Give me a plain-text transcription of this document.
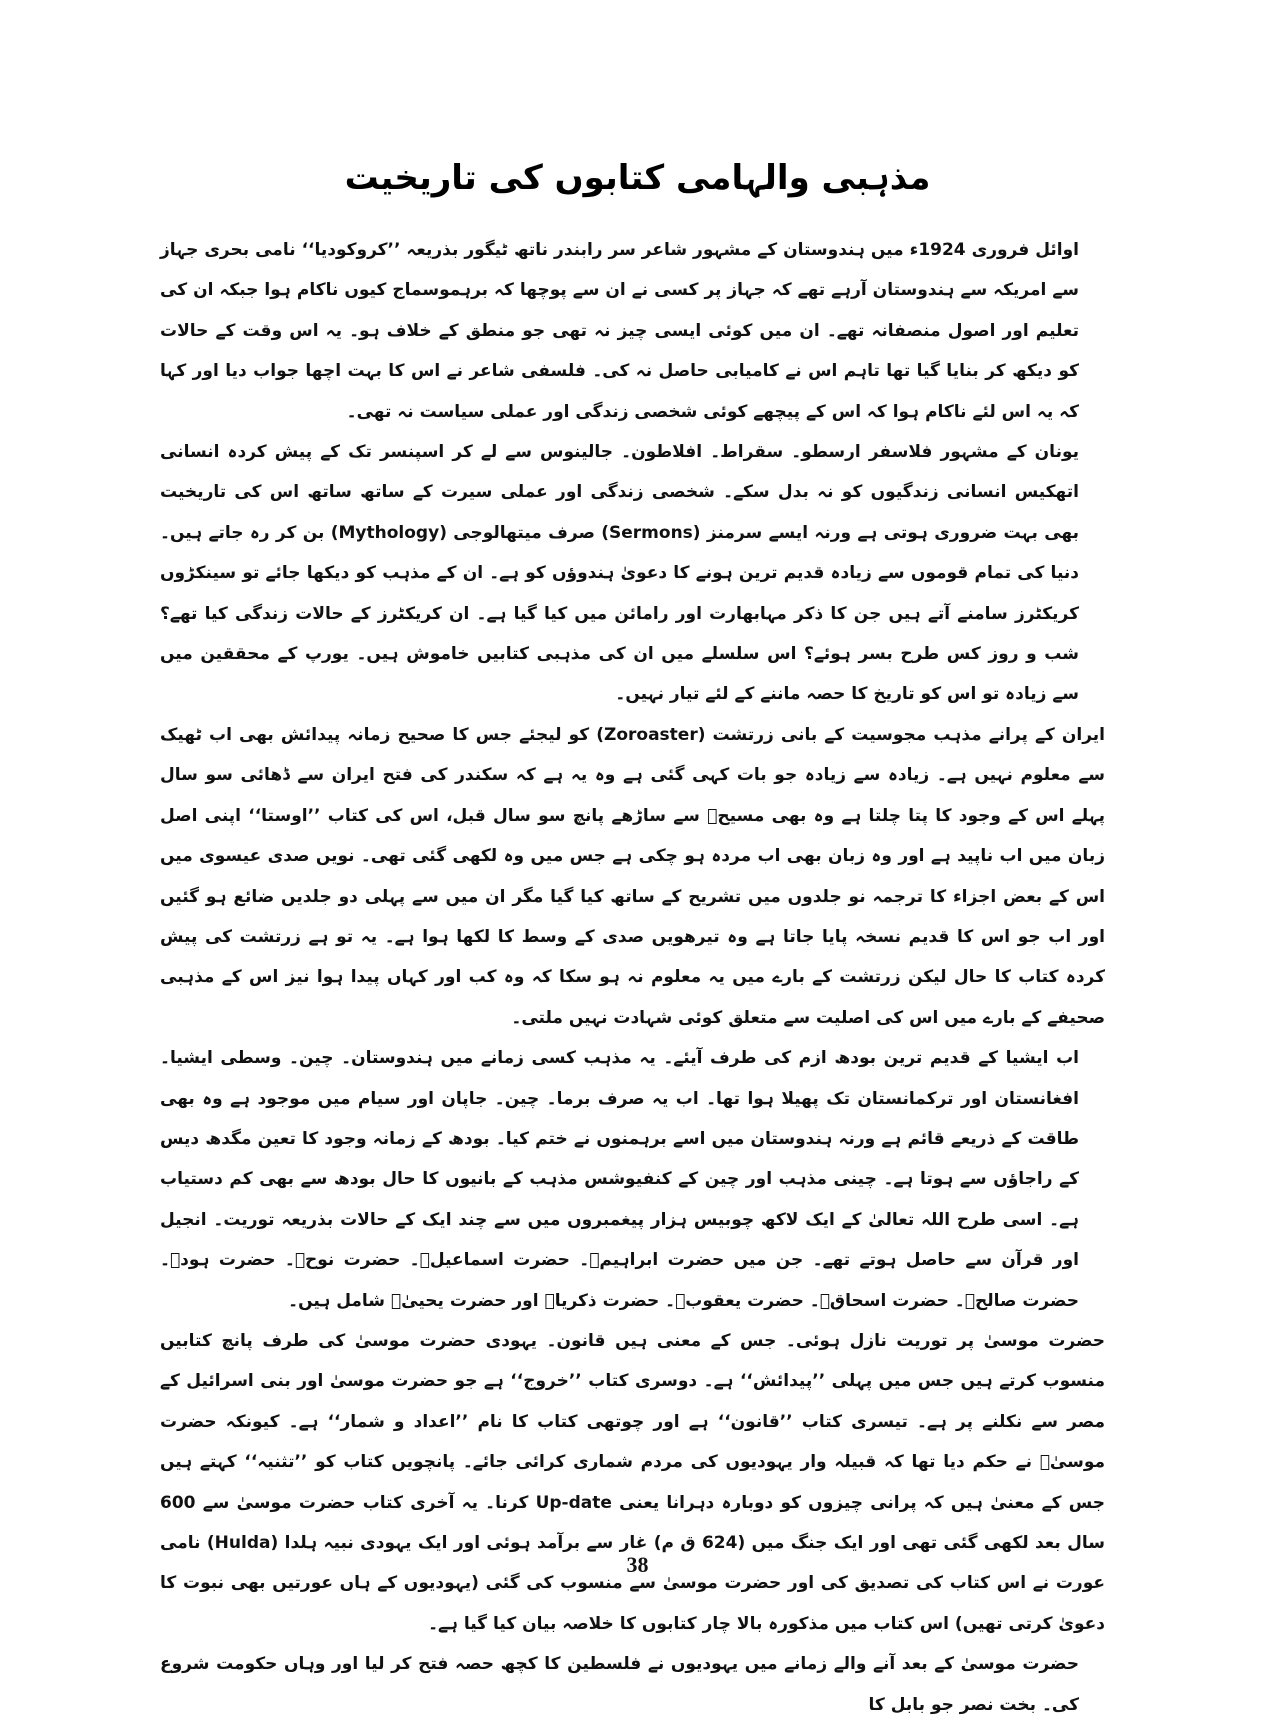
مذہبی والہامی کتابوں کی تاریخیت

اوائل فروری 1924ء میں ہندوستان کے مشہور شاعر سر رابندر ناتھ ٹیگور بذریعہ ’’کروکودیا‘‘ نامی بحری جہاز سے امریکہ سے ہندوستان آرہے تھے کہ جہاز پر کسی نے ان سے پوچھا کہ برہموسماج کیوں ناکام ہوا جبکہ ان کی تعلیم اور اصول منصفانہ تھے۔ ان میں کوئی ایسی چیز نہ تھی جو منطق کے خلاف ہو۔ یہ اس وقت کے حالات کو دیکھ کر بنایا گیا تھا تاہم اس نے کامیابی حاصل نہ کی۔ فلسفی شاعر نے اس کا بہت اچھا جواب دیا اور کہا کہ یہ اس لئے ناکام ہوا کہ اس کے پیچھے کوئی شخصی زندگی اور عملی سیاست نہ تھی۔

یونان کے مشہور فلاسفر ارسطو۔ سقراط۔ افلاطون۔ جالینوس سے لے کر اسپنسر تک کے پیش کردہ انسانی اتھکیس انسانی زندگیوں کو نہ بدل سکے۔ شخصی زندگی اور عملی سیرت کے ساتھ ساتھ اس کی تاریخیت بھی بہت ضروری ہوتی ہے ورنہ ایسے سرمنز (Sermons) صرف میتھالوجی (Mythology) بن کر رہ جاتے ہیں۔ دنیا کی تمام قوموں سے زیادہ قدیم ترین ہونے کا دعویٰ ہندوؤں کو ہے۔ ان کے مذہب کو دیکھا جائے تو سینکڑوں کریکٹرز سامنے آتے ہیں جن کا ذکر مہابھارت اور رامائن میں کیا گیا ہے۔ ان کریکٹرز کے حالات زندگی کیا تھے؟ شب و روز کس طرح بسر ہوئے؟ اس سلسلے میں ان کی مذہبی کتابیں خاموش ہیں۔ یورپ کے محققین میں سے زیادہ تو اس کو تاریخ کا حصہ ماننے کے لئے تیار نہیں۔

ایران کے پرانے مذہب مجوسیت کے بانی زرتشت (Zoroaster) کو لیجئے جس کا صحیح زمانہ پیدائش بھی اب ٹھیک سے معلوم نہیں ہے۔ زیادہ سے زیادہ جو بات کہی گئی ہے وہ یہ ہے کہ سکندر کی فتح ایران سے ڈھائی سو سال پہلے اس کے وجود کا پتا چلتا ہے وہ بھی مسیحؑ سے ساڑھے پانچ سو سال قبل، اس کی کتاب ’’اوستا‘‘ اپنی اصل زبان میں اب ناپید ہے اور وہ زبان بھی اب مردہ ہو چکی ہے جس میں وہ لکھی گئی تھی۔ نویں صدی عیسوی میں اس کے بعض اجزاء کا ترجمہ نو جلدوں میں تشریح کے ساتھ کیا گیا مگر ان میں سے پہلی دو جلدیں ضائع ہو گئیں اور اب جو اس کا قدیم نسخہ پایا جاتا ہے وہ تیرھویں صدی کے وسط کا لکھا ہوا ہے۔ یہ تو ہے زرتشت کی پیش کردہ کتاب کا حال لیکن زرتشت کے بارے میں یہ معلوم نہ ہو سکا کہ وہ کب اور کہاں پیدا ہوا نیز اس کے مذہبی صحیفے کے بارے میں اس کی اصلیت سے متعلق کوئی شہادت نہیں ملتی۔

اب ایشیا کے قدیم ترین بودھ ازم کی طرف آیئے۔ یہ مذہب کسی زمانے میں ہندوستان۔ چین۔ وسطی ایشیا۔ افغانستان اور ترکمانستان تک پھیلا ہوا تھا۔ اب یہ صرف برما۔ چین۔ جاپان اور سیام میں موجود ہے وہ بھی طاقت کے ذریعے قائم ہے ورنہ ہندوستان میں اسے برہمنوں نے ختم کیا۔ بودھ کے زمانہ وجود کا تعین مگدھ دیس کے راجاؤں سے ہوتا ہے۔ چینی مذہب اور چین کے کنفیوشس مذہب کے بانیوں کا حال بودھ سے بھی کم دستیاب ہے۔ اسی طرح اللہ تعالیٰ کے ایک لاکھ چوبیس ہزار پیغمبروں میں سے چند ایک کے حالات بذریعہ توریت۔ انجیل اور قرآن سے حاصل ہوتے تھے۔ جن میں حضرت ابراہیمؑ۔ حضرت اسماعیلؑ۔ حضرت نوحؑ۔ حضرت ہودؑ۔ حضرت صالحؑ۔ حضرت اسحاقؑ۔ حضرت یعقوبؑ۔ حضرت ذکریاؑ اور حضرت یحییٰؑ شامل ہیں۔

حضرت موسیٰ پر توریت نازل ہوئی۔ جس کے معنی ہیں قانون۔ یہودی حضرت موسیٰ کی طرف پانچ کتابیں منسوب کرتے ہیں جس میں پہلی ’’پیدائش‘‘ ہے۔ دوسری کتاب ’’خروج‘‘ ہے جو حضرت موسیٰ اور بنی اسرائیل کے مصر سے نکلنے پر ہے۔ تیسری کتاب ’’قانون‘‘ ہے اور چوتھی کتاب کا نام ’’اعداد و شمار‘‘ ہے۔ کیونکہ حضرت موسیٰؑ نے حکم دیا تھا کہ قبیلہ وار یہودیوں کی مردم شماری کرائی جائے۔ پانچویں کتاب کو ’’تثنیہ‘‘ کہتے ہیں جس کے معنیٰ ہیں کہ پرانی چیزوں کو دوبارہ دہرانا یعنی Up-date کرنا۔ یہ آخری کتاب حضرت موسیٰ سے 600 سال بعد لکھی گئی تھی اور ایک جنگ میں (624 ق م) غار سے برآمد ہوئی اور ایک یہودی نبیہ ہلدا (Hulda) نامی عورت نے اس کتاب کی تصدیق کی اور حضرت موسیٰ سے منسوب کی گئی (یہودیوں کے ہاں عورتیں بھی نبوت کا دعویٰ کرتی تھیں) اس کتاب میں مذکورہ بالا چار کتابوں کا خلاصہ بیان کیا گیا ہے۔

حضرت موسیٰ کے بعد آنے والے زمانے میں یہودیوں نے فلسطین کا کچھ حصہ فتح کر لیا اور وہاں حکومت شروع کی۔ بخت نصر جو بابل کا

38
